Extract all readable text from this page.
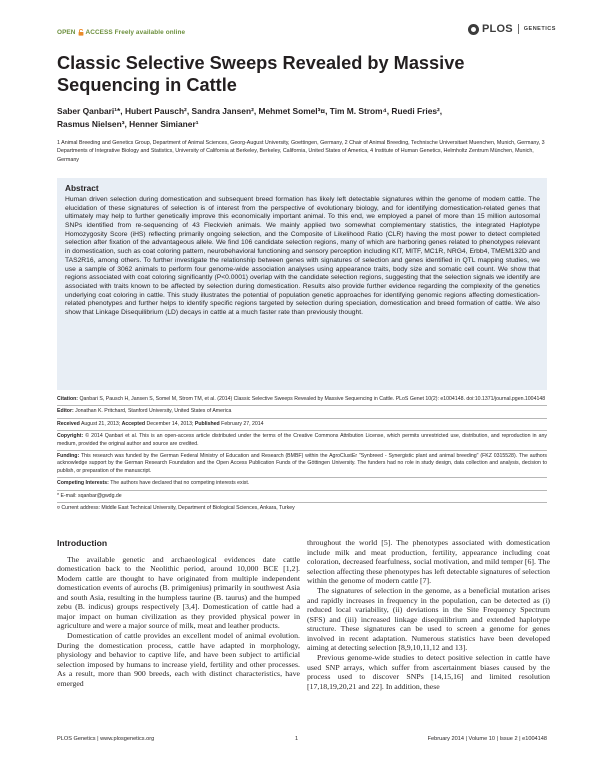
OPEN ACCESS Freely available online	PLOS GENETICS
Classic Selective Sweeps Revealed by Massive Sequencing in Cattle
Saber Qanbari¹*, Hubert Pausch², Sandra Jansen², Mehmet Somel³¤, Tim M. Strom⁴, Ruedi Fries²,
Rasmus Nielsen³, Henner Simianer¹
1 Animal Breeding and Genetics Group, Department of Animal Sciences, Georg-August University, Goettingen, Germany, 2 Chair of Animal Breeding, Technische Universitaet Muenchen, Munich, Germany, 3 Departments of Integrative Biology and Statistics, University of California at Berkeley, Berkeley, California, United States of America, 4 Institute of Human Genetics, Helmholtz Zentrum München, Munich, Germany
Abstract
Human driven selection during domestication and subsequent breed formation has likely left detectable signatures within the genome of modern cattle. The elucidation of these signatures of selection is of interest from the perspective of evolutionary biology, and for identifying domestication-related genes that ultimately may help to further genetically improve this economically important animal. To this end, we employed a panel of more than 15 million autosomal SNPs identified from re-sequencing of 43 Fleckvieh animals. We mainly applied two somewhat complementary statistics, the integrated Haplotype Homozygosity Score (iHS) reflecting primarily ongoing selection, and the Composite of Likelihood Ratio (CLR) having the most power to detect completed selection after fixation of the advantageous allele. We find 106 candidate selection regions, many of which are harboring genes related to phenotypes relevant in domestication, such as coat coloring pattern, neurobehavioral functioning and sensory perception including KIT, MITF, MC1R, NRG4, Erbb4, TMEM132D and TAS2R16, among others. To further investigate the relationship between genes with signatures of selection and genes identified in QTL mapping studies, we use a sample of 3062 animals to perform four genome-wide association analyses using appearance traits, body size and somatic cell count. We show that regions associated with coat coloring significantly (P<0.0001) overlap with the candidate selection regions, suggesting that the selection signals we identify are associated with traits known to be affected by selection during domestication. Results also provide further evidence regarding the complexity of the genetics underlying coat coloring in cattle. This study illustrates the potential of population genetic approaches for identifying genomic regions affecting domestication-related phenotypes and further helps to identify specific regions targeted by selection during speciation, domestication and breed formation of cattle. We also show that Linkage Disequilibrium (LD) decays in cattle at a much faster rate than previously thought.
Citation: Qanbari S, Pausch H, Jansen S, Somel M, Strom TM, et al. (2014) Classic Selective Sweeps Revealed by Massive Sequencing in Cattle. PLoS Genet 10(2): e1004148. doi:10.1371/journal.pgen.1004148
Editor: Jonathan K. Pritchard, Stanford University, United States of America
Received August 21, 2013; Accepted December 14, 2013; Published February 27, 2014
Copyright: © 2014 Qanbari et al. This is an open-access article distributed under the terms of the Creative Commons Attribution License, which permits unrestricted use, distribution, and reproduction in any medium, provided the original author and source are credited.
Funding: This research was funded by the German Federal Ministry of Education and Research (BMBF) within the AgroClustEr "Synbreed - Synergistic plant and animal breeding" (FKZ 0315528). The authors acknowledge support by the German Research Foundation and the Open Access Publication Funds of the Göttingen University. The funders had no role in study design, data collection and analysis, decision to publish, or preparation of the manuscript.
Competing Interests: The authors have declared that no competing interests exist.
* E-mail: sqanbar@gwdg.de
¤ Current address: Middle East Technical University, Department of Biological Sciences, Ankara, Turkey
Introduction

The available genetic and archaeological evidences date cattle domestication back to the Neolithic period, around 10,000 BCE [1,2]. Modern cattle are thought to have originated from multiple independent domestication events of aurochs (B. primigenius) primarily in southwest Asia and south Asia, resulting in the humpless taurine (B. taurus) and the humped zebu (B. indicus) groups respectively [3,4]. Domestication of cattle had a major impact on human civilization as they provided physical power in agriculture and were a major source of milk, meat and leather products.

Domestication of cattle provides an excellent model of animal evolution. During the domestication process, cattle have adapted in morphology, physiology and behavior to captive life, and have been subject to artificial selection imposed by humans to increase yield, fertility and other processes. As a result, more than 900 breeds, each with distinct characteristics, have emerged

throughout the world [5]. The phenotypes associated with domestication include milk and meat production, fertility, appearance including coat coloration, decreased fearfulness, social motivation, and mild temper [6]. The selection affecting these phenotypes has left detectable signatures of selection within the genome of modern cattle [7].

The signatures of selection in the genome, as a beneficial mutation arises and rapidly increases in frequency in the population, can be detected as (i) reduced local variability, (ii) deviations in the Site Frequency Spectrum (SFS) and (iii) increased linkage disequilibrium and extended haplotype structure. These signatures can be used to screen a genome for genes involved in recent adaptation. Numerous statistics have been developed aiming at detecting selection [8,9,10,11,12 and 13].

Previous genome-wide studies to detect positive selection in cattle have used SNP arrays, which suffer from ascertainment biases caused by the process used to discover SNPs [14,15,16] and limited resolution [17,18,19,20,21 and 22]. In addition, these

PLOS Genetics | www.plosgenetics.org	1	February 2014 | Volume 10 | Issue 2 | e1004148
